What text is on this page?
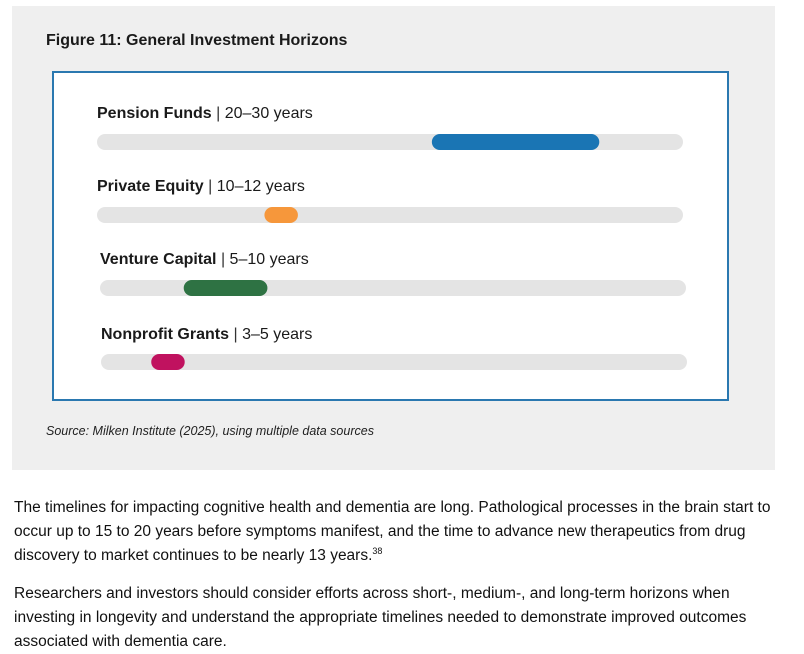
Figure 11: General Investment Horizons
Pension Funds | 20–30 years
Private Equity | 10–12 years
Venture Capital | 5–10 years
Nonprofit Grants | 3–5 years
Source: Milken Institute (2025), using multiple data sources

The timelines for impacting cognitive health and dementia are long. Pathological processes in the brain start to occur up to 15 to 20 years before symptoms manifest, and the time to advance new therapeutics from drug discovery to market continues to be nearly 13 years.$^{38}$

Researchers and investors should consider efforts across short-, medium-, and long-term horizons when investing in longevity and understand the appropriate timelines needed to demonstrate improved outcomes associated with dementia care.
